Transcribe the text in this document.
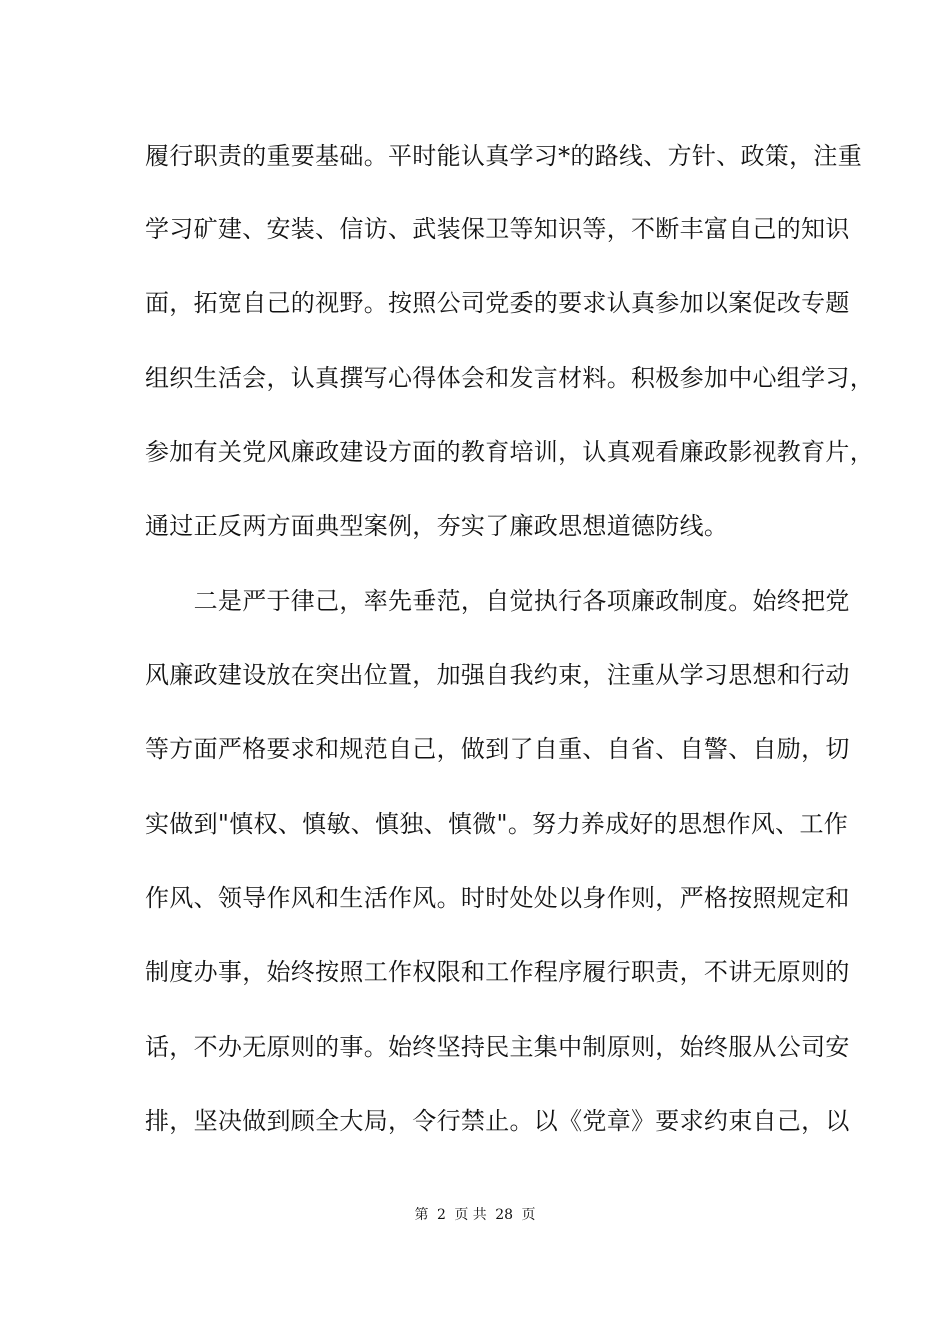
履行职责的重要基础。平时能认真学习*的路线、方针、政策，注重
学习矿建、安装、信访、武装保卫等知识等，不断丰富自己的知识
面，拓宽自己的视野。按照公司党委的要求认真参加以案促改专题
组织生活会，认真撰写心得体会和发言材料。积极参加中心组学习，
参加有关党风廉政建设方面的教育培训，认真观看廉政影视教育片，
通过正反两方面典型案例，夯实了廉政思想道德防线。
　　二是严于律己，率先垂范，自觉执行各项廉政制度。始终把党
风廉政建设放在突出位置，加强自我约束，注重从学习思想和行动
等方面严格要求和规范自己，做到了自重、自省、自警、自励，切
实做到"慎权、慎敏、慎独、慎微"。努力养成好的思想作风、工作
作风、领导作风和生活作风。时时处处以身作则，严格按照规定和
制度办事，始终按照工作权限和工作程序履行职责，不讲无原则的
话，不办无原则的事。始终坚持民主集中制原则，始终服从公司安
排，坚决做到顾全大局，令行禁止。以《党章》要求约束自己，以
第 2 页 共 28 页
